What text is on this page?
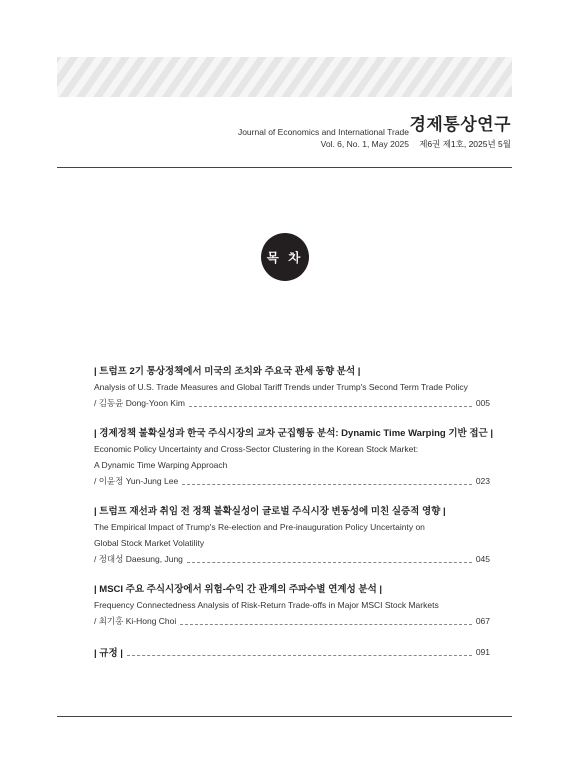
Journal of Economics and International Trade
Vol. 6, No. 1, May 2025
경제통상연구
제6권 제1호, 2025년 5월
목 차
| 트럼프 2기 통상정책에서 미국의 조치와 주요국 관세 동향 분석 |
Analysis of U.S. Trade Measures and Global Tariff Trends under Trump's Second Term Trade Policy
/ 김동윤 Dong-Yoon Kim	005
| 경제정책 불확실성과 한국 주식시장의 교차 군집행동 분석: Dynamic Time Warping 기반 접근 |
Economic Policy Uncertainty and Cross-Sector Clustering in the Korean Stock Market:
A Dynamic Time Warping Approach
/ 이윤정 Yun-Jung Lee	023
| 트럼프 재선과 취임 전 정책 불확실성이 글로벌 주식시장 변동성에 미친 실증적 영향 |
The Empirical Impact of Trump's Re-election and Pre-inauguration Policy Uncertainty on
Global Stock Market Volatility
/ 정대성 Daesung, Jung	045
| MSCI 주요 주식시장에서 위험-수익 간 관계의 주파수별 연계성 분석 |
Frequency Connectedness Analysis of Risk-Return Trade-offs in Major MSCI Stock Markets
/ 최기홍 Ki-Hong Choi	067
| 규정 |	091
